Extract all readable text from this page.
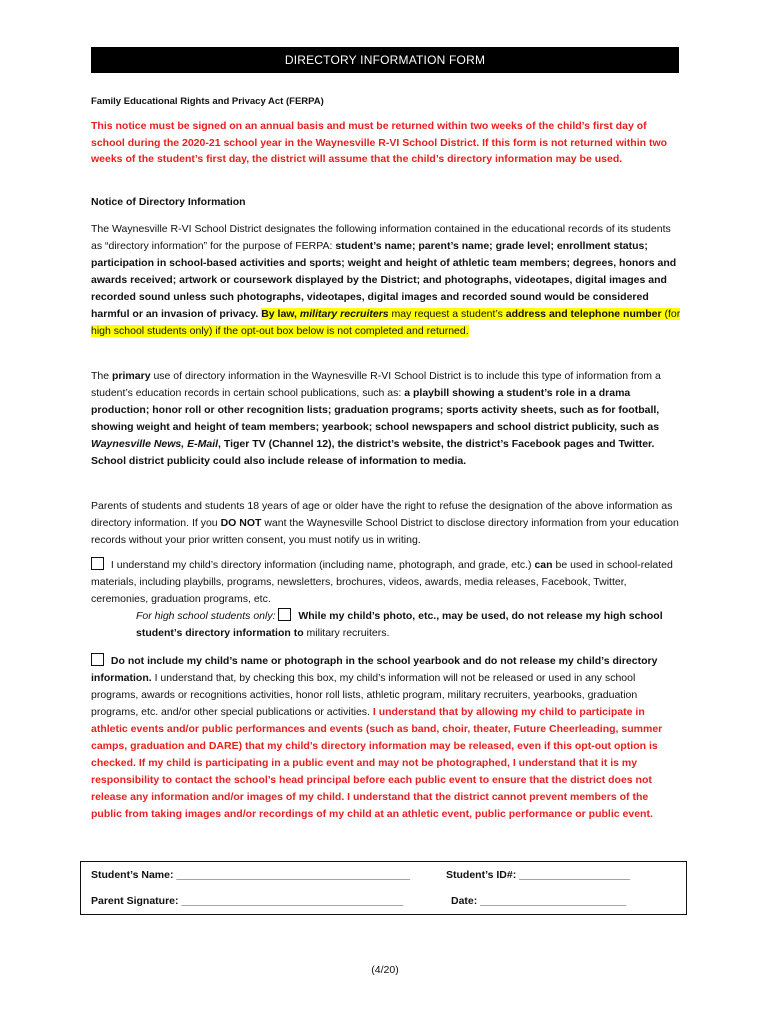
DIRECTORY INFORMATION FORM
Family Educational Rights and Privacy Act (FERPA)
This notice must be signed on an annual basis and must be returned within two weeks of the child’s first day of school during the 2020-21 school year in the Waynesville R-VI School District. If this form is not returned within two weeks of the student’s first day, the district will assume that the child’s directory information may be used.
Notice of Directory Information
The Waynesville R-VI School District designates the following information contained in the educational records of its students as “directory information” for the purpose of FERPA: student’s name; parent’s name; grade level; enrollment status; participation in school-based activities and sports; weight and height of athletic team members; degrees, honors and awards received; artwork or coursework displayed by the District; and photographs, videotapes, digital images and recorded sound unless such photographs, videotapes, digital images and recorded sound would be considered harmful or an invasion of privacy. By law, military recruiters may request a student’s address and telephone number (for high school students only) if the opt-out box below is not completed and returned.
The primary use of directory information in the Waynesville R-VI School District is to include this type of information from a student’s education records in certain school publications, such as: a playbill showing a student’s role in a drama production; honor roll or other recognition lists; graduation programs; sports activity sheets, such as for football, showing weight and height of team members; yearbook; school newspapers and school district publicity, such as Waynesville News, E-Mail, Tiger TV (Channel 12), the district’s website, the district’s Facebook pages and Twitter. School district publicity could also include release of information to media.
Parents of students and students 18 years of age or older have the right to refuse the designation of the above information as directory information. If you DO NOT want the Waynesville School District to disclose directory information from your education records without your prior written consent, you must notify us in writing.
I understand my child’s directory information (including name, photograph, and grade, etc.) can be used in school-related materials, including playbills, programs, newsletters, brochures, videos, awards, media releases, Facebook, Twitter, ceremonies, graduation programs, etc.
For high school students only: While my child’s photo, etc., may be used, do not release my high school student’s directory information to military recruiters.
Do not include my child’s name or photograph in the school yearbook and do not release my child’s directory information. I understand that, by checking this box, my child’s information will not be released or used in any school programs, awards or recognitions activities, honor roll lists, athletic program, military recruiters, yearbooks, graduation programs, etc. and/or other special publications or activities. I understand that by allowing my child to participate in athletic events and/or public performances and events (such as band, choir, theater, Future Cheerleading, summer camps, graduation and DARE) that my child’s directory information may be released, even if this opt-out option is checked. If my child is participating in a public event and may not be photographed, I understand that it is my responsibility to contact the school’s head principal before each public event to ensure that the district does not release any information and/or images of my child. I understand that the district cannot prevent members of the public from taking images and/or recordings of my child at an athletic event, public performance or public event.
Student’s Name: ________________________________________	Student’s ID#: ___________________
Parent Signature: ______________________________________	Date: _________________________
(4/20)
